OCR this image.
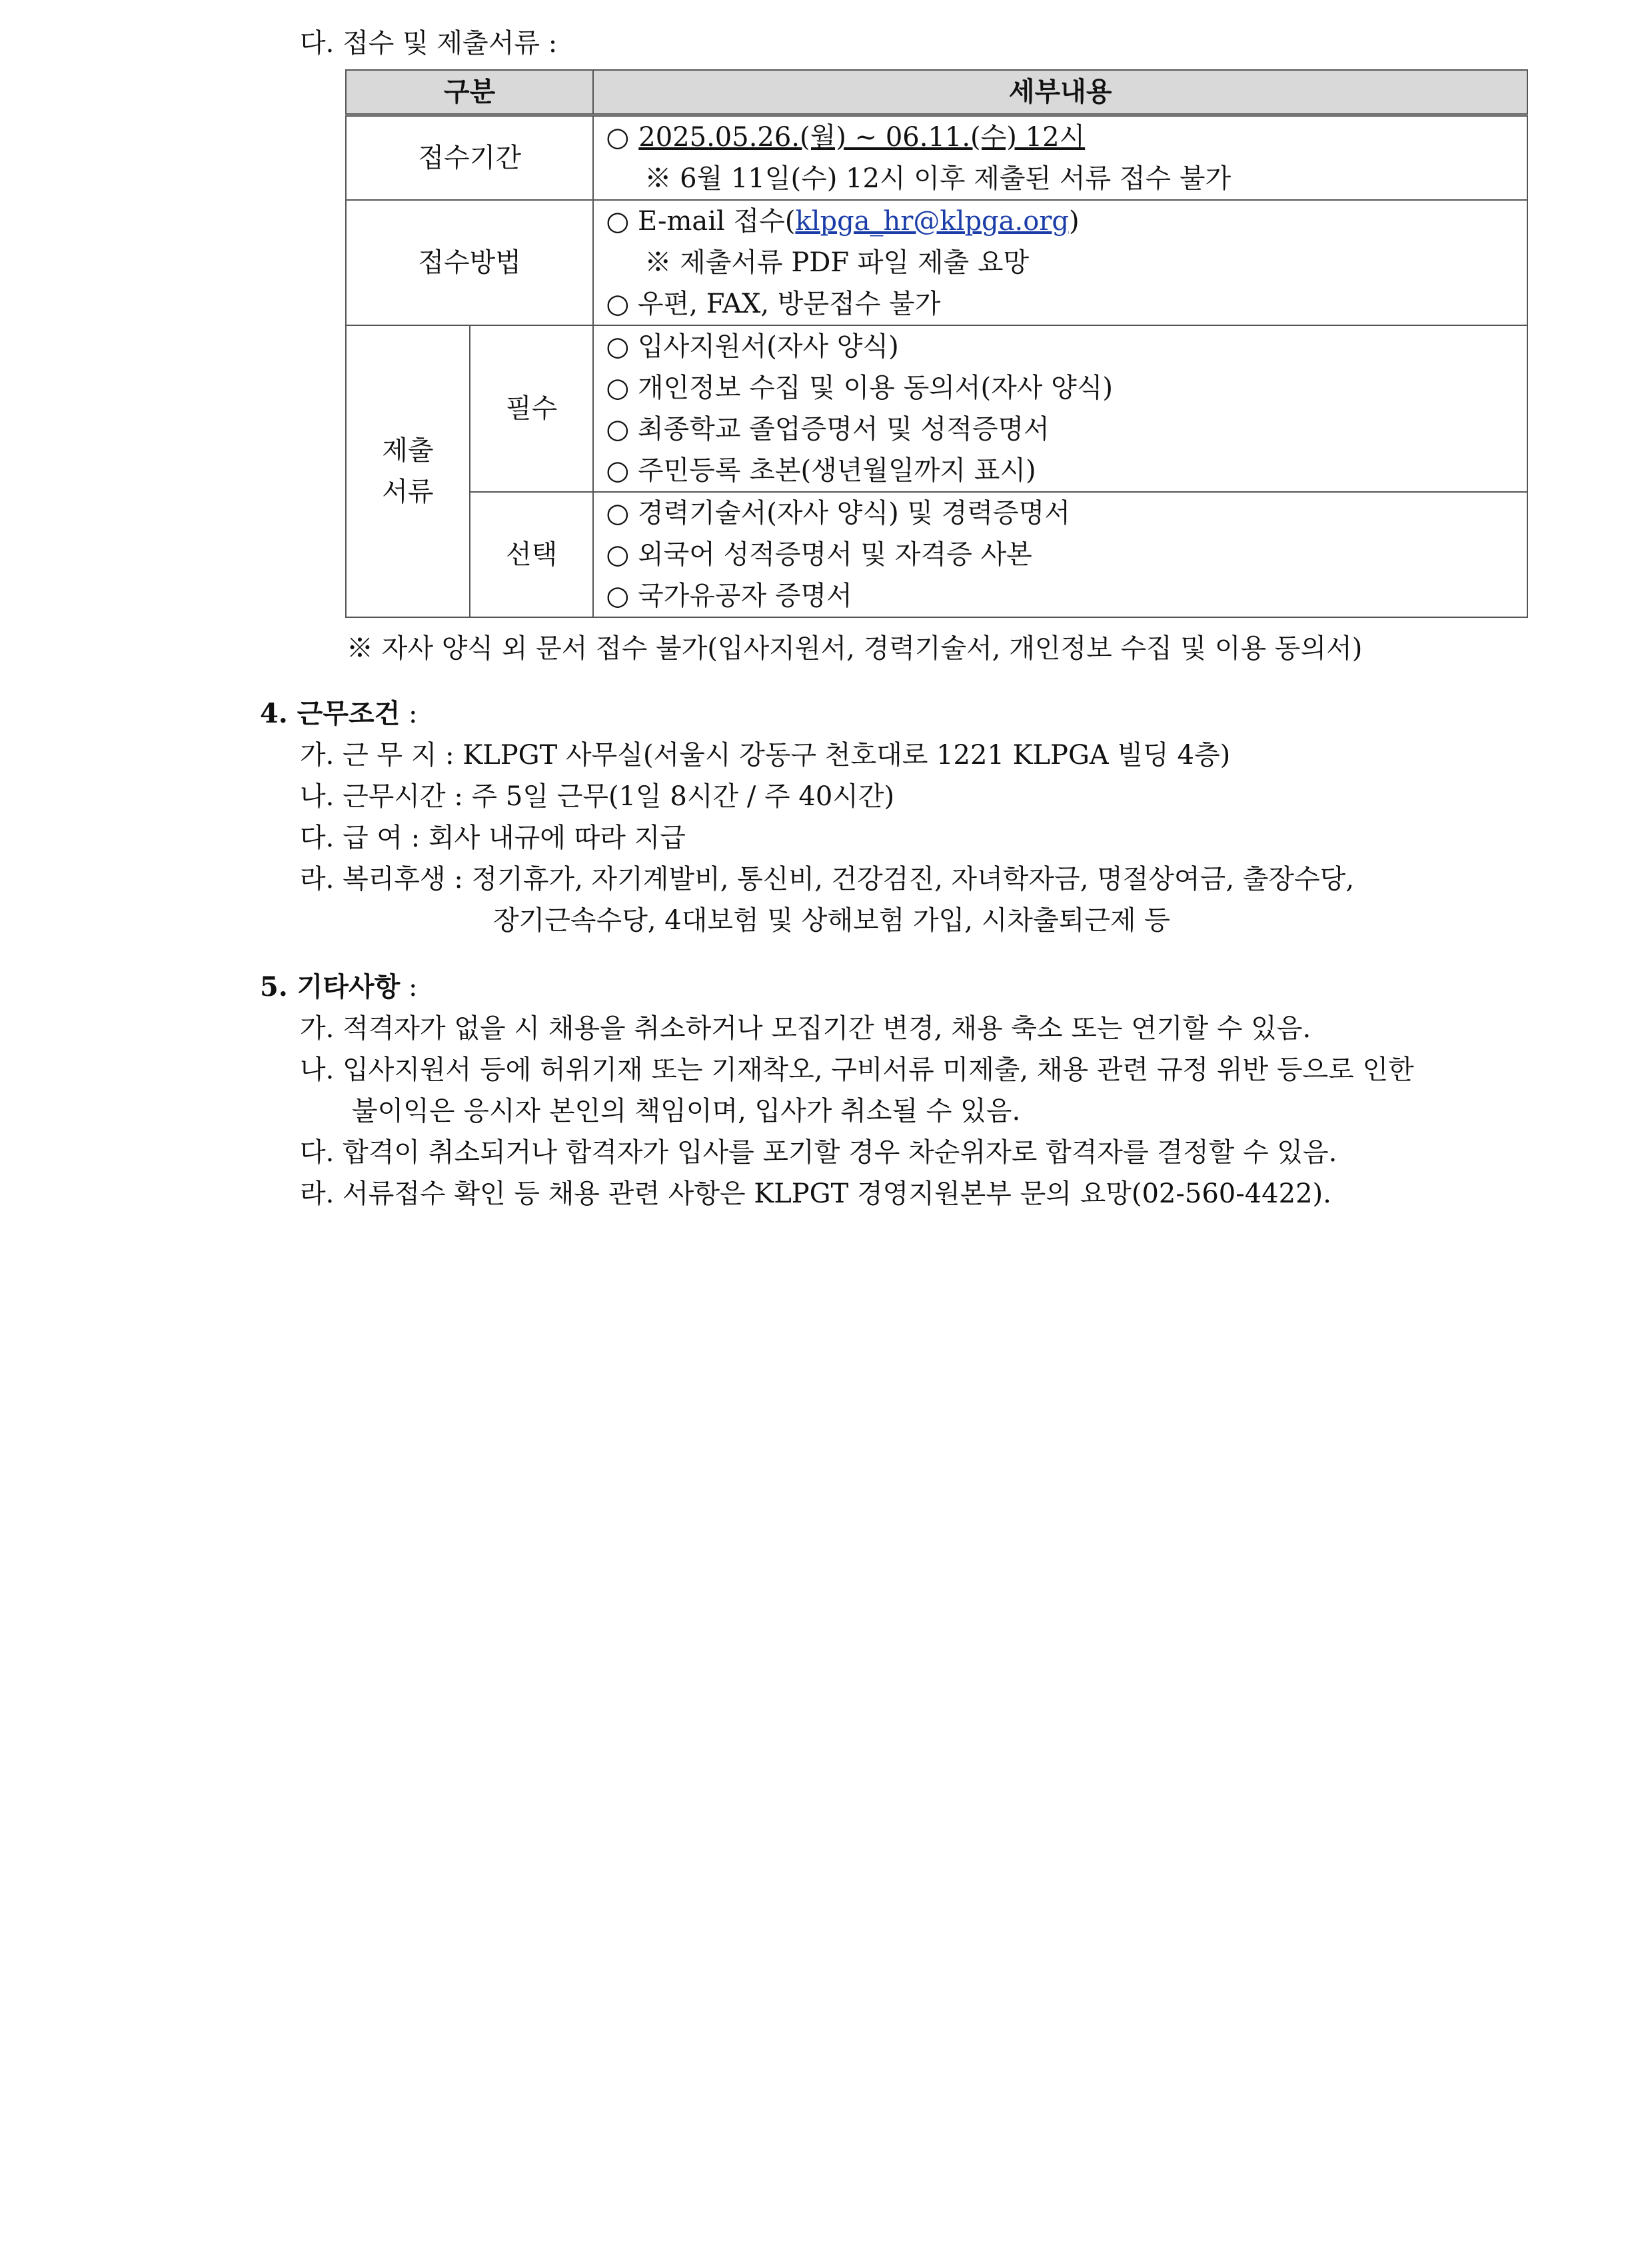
다. 접수 및 제출서류 :
구분		세부내용
접수기간		○ 2025.05.26.(월) ~ 06.11.(수) 12시
※ 6월 11일(수) 12시 이후 제출된 서류 접수 불가

접수방법		○ E-mail 접수(klpga_hr@klpga.org)
※ 제출서류 PDF 파일 제출 요망
○ 우편, FAX, 방문접수 불가

제출
서류	필수	○ 입사지원서(자사 양식)
○ 개인정보 수집 및 이용 동의서(자사 양식)
○ 최종학교 졸업증명서 및 성적증명서
○ 주민등록 초본(생년월일까지 표시)

	선택	○ 경력기술서(자사 양식) 및 경력증명서
○ 외국어 성적증명서 및 자격증 사본
○ 국가유공자 증명서
※ 자사 양식 외 문서 접수 불가(입사지원서, 경력기술서, 개인정보 수집 및 이용 동의서)
4. 근무조건 :
가. 근 무 지 : KLPGT 사무실(서울시 강동구 천호대로 1221 KLPGA 빌딩 4층)
나. 근무시간 : 주 5일 근무(1일 8시간 / 주 40시간)
다. 급 여 : 회사 내규에 따라 지급
라. 복리후생 : 정기휴가, 자기계발비, 통신비, 건강검진, 자녀학자금, 명절상여금, 출장수당,
장기근속수당, 4대보험 및 상해보험 가입, 시차출퇴근제 등
5. 기타사항 :
가. 적격자가 없을 시 채용을 취소하거나 모집기간 변경, 채용 축소 또는 연기할 수 있음.
나. 입사지원서 등에 허위기재 또는 기재착오, 구비서류 미제출, 채용 관련 규정 위반 등으로 인한
불이익은 응시자 본인의 책임이며, 입사가 취소될 수 있음.
다. 합격이 취소되거나 합격자가 입사를 포기할 경우 차순위자로 합격자를 결정할 수 있음.
라. 서류접수 확인 등 채용 관련 사항은 KLPGT 경영지원본부 문의 요망(02-560-4422).
